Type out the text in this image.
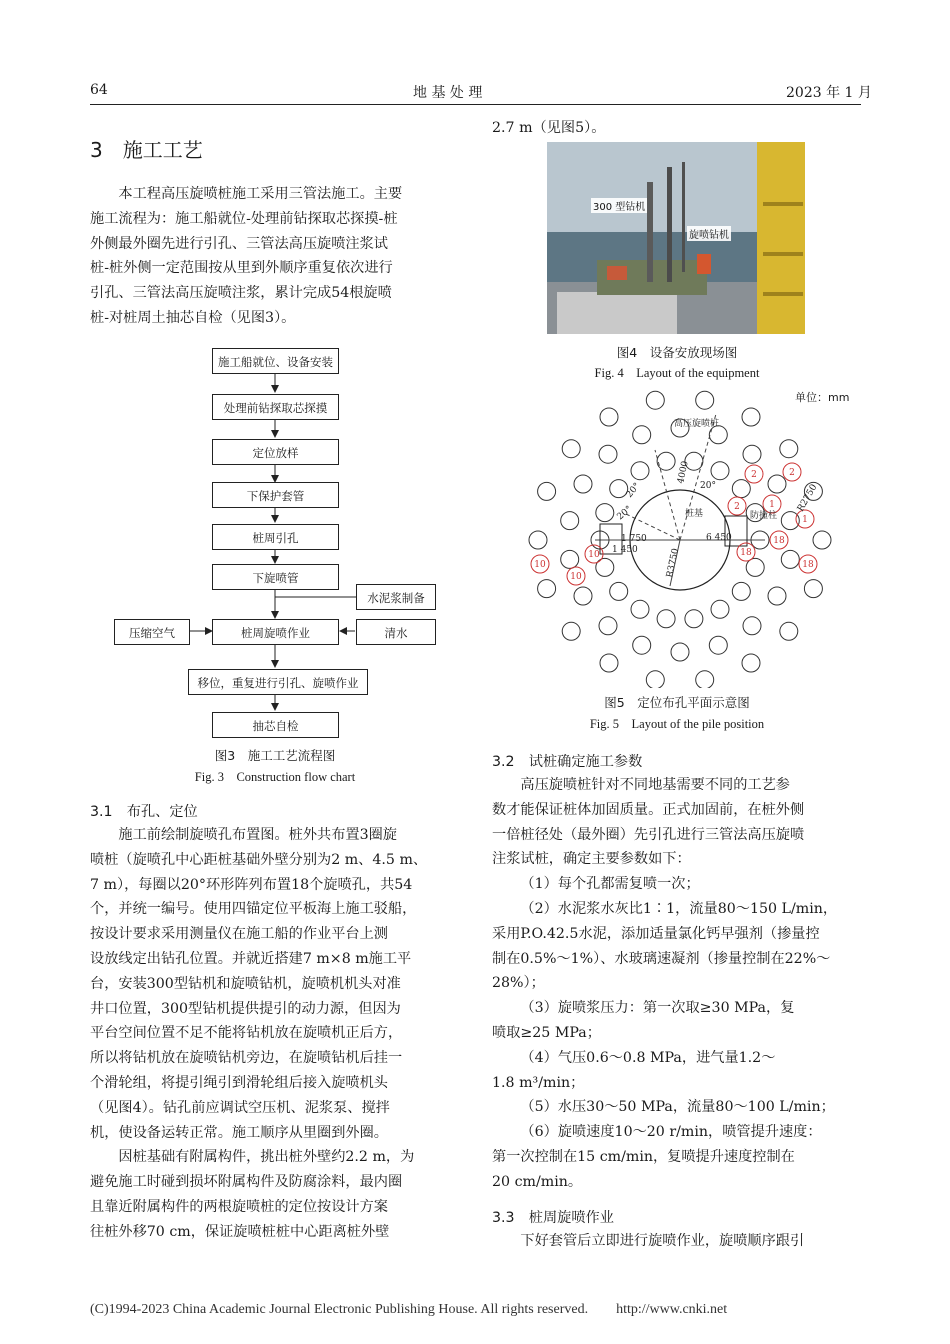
64	地 基 处 理	2023 年 1 月
3　施工工艺

本工程高压旋喷桩施工采用三管法施工。主要

施工流程为：施工船就位-处理前钻探取芯探摸-桩

外侧最外圈先进行引孔、三管法高压旋喷注浆试

桩-桩外侧一定范围按从里到外顺序重复依次进行

引孔、三管法高压旋喷注浆，累计完成54根旋喷

桩-对桩周土抽芯自检（见图3）。

施工船就位、设备安装
处理前钻探取芯探摸
定位放样
下保护套管
桩周引孔
下旋喷管
桩周旋喷作业
移位，重复进行引孔、旋喷作业
抽芯自检
水泥浆制备
压缩空气	清水
图3　施工工艺流程图
Fig. 3　Construction flow chart
3.1　布孔、定位

施工前绘制旋喷孔布置图。桩外共布置3圈旋

喷桩（旋喷孔中心距桩基础外壁分别为2 m、4.5 m、

7 m），每圈以20°环形阵列布置18个旋喷孔，共54

个，并统一编号。使用四锚定位平板海上施工驳船，

按设计要求采用测量仪在施工船的作业平台上测

设放线定出钻孔位置。并就近搭建7 m×8 m施工平

台，安装300型钻机和旋喷钻机，旋喷机机头对准

井口位置，300型钻机提供提引的动力源，但因为

平台空间位置不足不能将钻机放在旋喷机正后方，

所以将钻机放在旋喷钻机旁边，在旋喷钻机后挂一

个滑轮组，将提引绳引到滑轮组后接入旋喷机头

（见图4）。钻孔前应调试空压机、泥浆泵、搅拌

机，使设备运转正常。施工顺序从里圈到外圈。

因桩基础有附属构件，挑出桩外壁约2.2 m，为

避免施工时碰到损坏附属构件及防腐涂料，最内圈

且靠近附属构件的两根旋喷桩的定位按设计方案

往桩外移70 cm，保证旋喷桩桩中心距离桩外壁

2.7 m（见图5）。

300 型钻机
旋喷钻机
图4　设备安放现场图
Fig. 4　Layout of the equipment
1
2	2
2
10
10
10	18
18
18
1
1 450
1 750	6 450
R3750
20°
20°	20°
4000
R2750
桩基
高压旋喷桩
防撞柱
单位：mm
图5　定位布孔平面示意图
Fig. 5　Layout of the pile position
3.2　试桩确定施工参数

高压旋喷桩针对不同地基需要不同的工艺参

数才能保证桩体加固质量。正式加固前，在桩外侧

一倍桩径处（最外圈）先引孔进行三管法高压旋喷

注浆试桩，确定主要参数如下：

（1）每个孔都需复喷一次；

（2）水泥浆水灰比1∶1，流量80～150 L/min，

采用P.O.42.5水泥，添加适量氯化钙早强剂（掺量控

制在0.5%～1%）、水玻璃速凝剂（掺量控制在22%～

28%）；

（3）旋喷浆压力：第一次取≥30 MPa，复

喷取≥25 MPa；

（4）气压0.6～0.8 MPa，进气量1.2～

1.8 m³/min；

（5）水压30～50 MPa，流量80～100 L/min；

（6）旋喷速度10～20 r/min，喷管提升速度：

第一次控制在15 cm/min，复喷提升速度控制在

20 cm/min。

3.3　桩周旋喷作业

下好套管后立即进行旋喷作业，旋喷顺序跟引

(C)1994-2023 China Academic Journal Electronic Publishing House. All rights reserved.　　http://www.cnki.net
